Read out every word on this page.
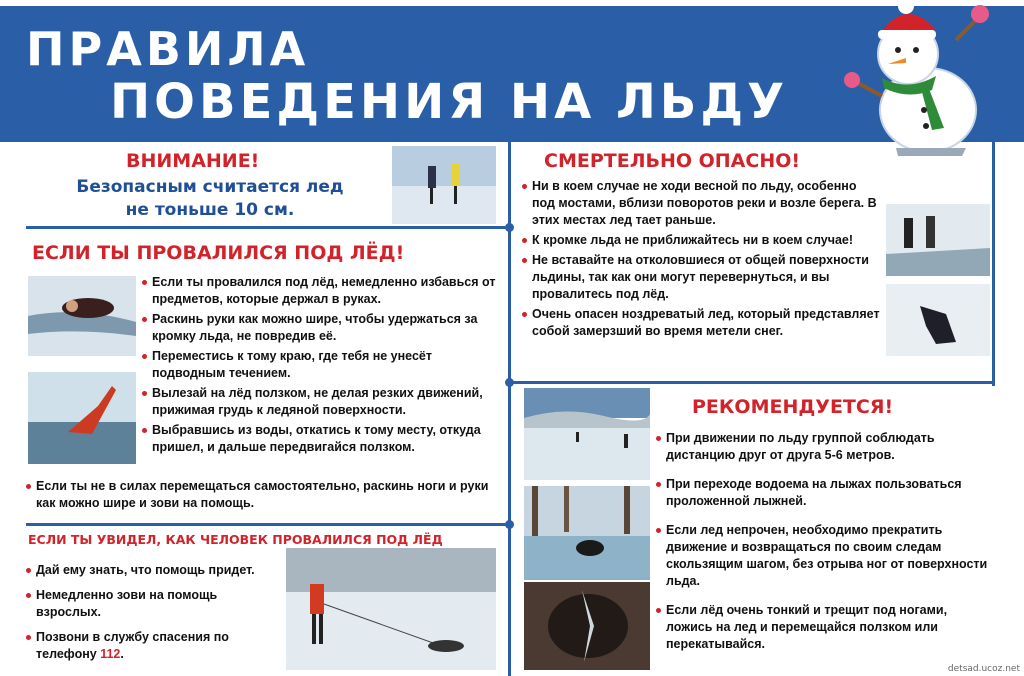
ПРАВИЛА
ПОВЕДЕНИЯ НА ЛЬДУ
ВНИМАНИЕ!
Безопасным считается лед
не тоньше 10 см.
ЕСЛИ ТЫ ПРОВАЛИЛСЯ ПОД ЛЁД!
Если ты провалился под лёд, немедленно избавься от предметов, которые держал в руках.
Раскинь руки как можно шире, чтобы удержаться за кромку льда, не повредив её.
Переместись к тому краю, где тебя не унесёт подводным течением.
Вылезай на лёд ползком, не делая резких движений, прижимая грудь к ледяной поверхности.
Выбравшись из воды, откатись к тому месту, откуда пришел, и дальше передвигайся ползком.
Если ты не в силах перемещаться самостоятельно, раскинь ноги и руки как можно шире и зови на помощь.
ЕСЛИ ТЫ УВИДЕЛ, КАК ЧЕЛОВЕК ПРОВАЛИЛСЯ ПОД ЛЁД
Дай ему знать, что помощь придет.
Немедленно зови на помощь взрослых.
Позвони в службу спасения по телефону 112.
СМЕРТЕЛЬНО ОПАСНО!
Ни в коем случае не ходи весной по льду, особенно под мостами, вблизи поворотов реки и возле берега. В этих местах лед тает раньше.
К кромке льда не приближайтесь ни в коем случае!
Не вставайте на отколовшиеся от общей поверхности льдины, так как они могут перевернуться, и вы провалитесь под лёд.
Очень опасен ноздреватый лед, который представляет собой замерзший во время метели снег.
РЕКОМЕНДУЕТСЯ!
При движении по льду группой соблюдать дистанцию друг от друга 5-6 метров.
При переходе водоема на лыжах пользоваться проложенной лыжней.
Если лед непрочен, необходимо прекратить движение и возвращаться по своим следам скользящим шагом, без отрыва ног от поверхности льда.
Если лёд очень тонкий и трещит под ногами, ложись на лед и перемещайся ползком или перекатывайся.
detsad.ucoz.net
